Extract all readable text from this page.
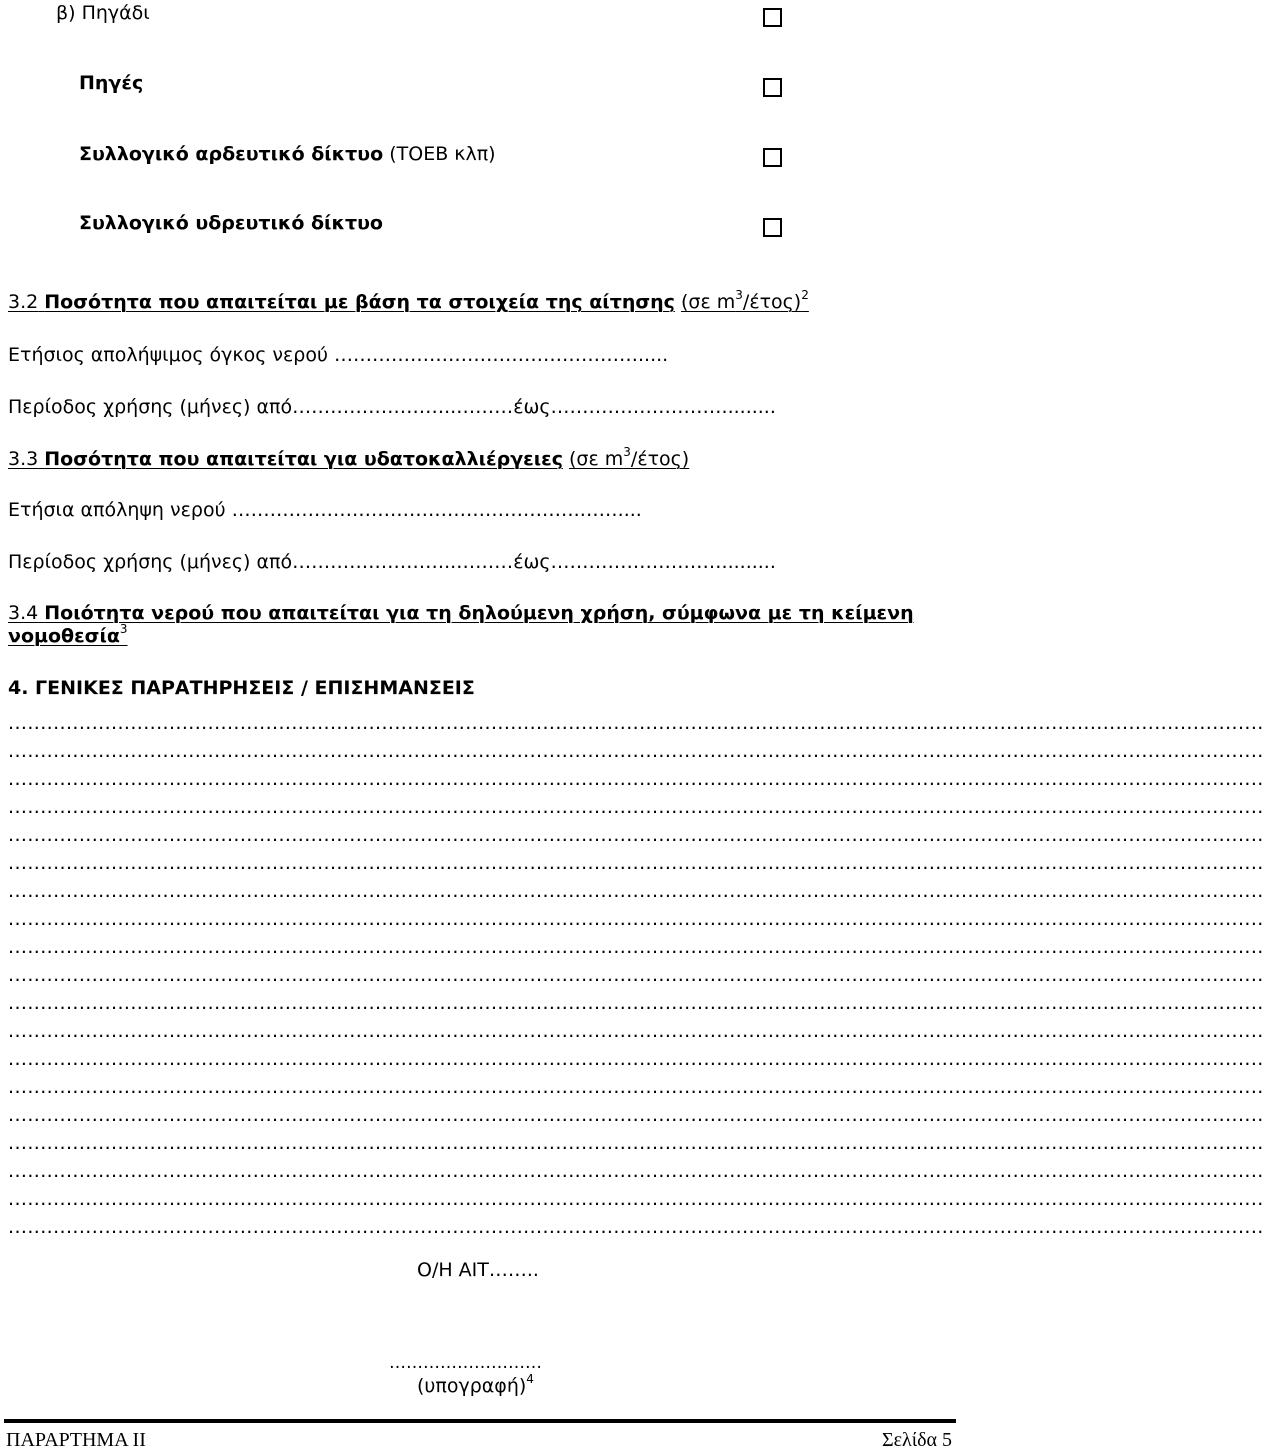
β) Πηγάδι
Πηγές
Συλλογικό αρδευτικό δίκτυο (ΤΟΕΒ κλπ)
Συλλογικό υδρευτικό δίκτυο
3.2 Ποσότητα που απαιτείται με βάση τα στοιχεία της αίτησης (σε $m^3/έ\tau o\varsigma)^2$
Ετήσιος απολήψιμος όγκος νερού ………………………………………….....
Περίοδος χρήσης (μήνες) από……………………..………έως……………………….........
3.3 Ποσότητα που απαιτείται για υδατοκαλλιέργειες (σε $m^3/έ\tau o\varsigma$)
Ετήσια απόληψη νερού ……………………………………………….……....
Περίοδος χρήσης (μήνες) από……………………..………έως……………………….........
3.4 Ποιότητα νερού που απαιτείται για τη δηλούμενη χρήση, σύμφωνα με τη κείμενη
νομοθεσία$^3$
4. ΓΕΝΙΚΕΣ ΠΑΡΑΤΗΡΗΣΕΙΣ / ΕΠΙΣΗΜΑΝΣΕΙΣ
...................................................................................................................................................................................................
...................................................................................................................................................................................................
...................................................................................................................................................................................................
...................................................................................................................................................................................................
...................................................................................................................................................................................................
...................................................................................................................................................................................................
...................................................................................................................................................................................................
...................................................................................................................................................................................................
...................................................................................................................................................................................................
...................................................................................................................................................................................................
...................................................................................................................................................................................................
...................................................................................................................................................................................................
...................................................................................................................................................................................................
...................................................................................................................................................................................................
...................................................................................................................................................................................................
...................................................................................................................................................................................................
...................................................................................................................................................................................................
...................................................................................................................................................................................................
...................................................................................................................................................................................................
Ο/Η ΑΙΤ……..
………………………
$(\upsilon\pi o\gamma\rho\alpha\varphi ή)^4$
ΠΑΡΑΡΤΗΜΑ ΙΙ	Σελίδα 5
